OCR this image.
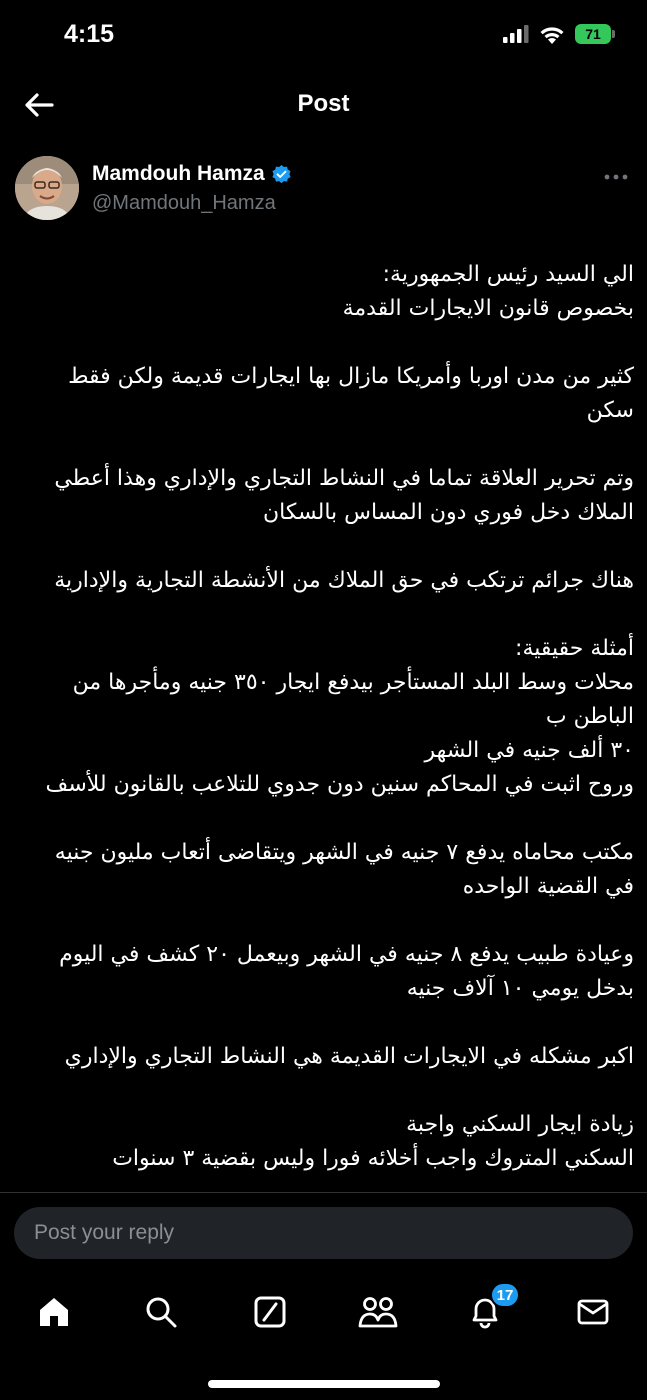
4:15	71
Post
Mamdouh Hamza
@Mamdouh_Hamza
الي السيد رئيس الجمهورية:
بخصوص قانون الايجارات القدمة
كثير من مدن اوربا وأمريكا مازال بها ايجارات قديمة ولكن فقط
سكن
وتم تحرير العلاقة تماما في النشاط التجاري والإداري وهذا أعطي
الملاك دخل فوري دون المساس بالسكان
هناك جرائم ترتكب في حق الملاك من الأنشطة التجارية والإدارية
أمثلة حقيقية:
محلات وسط البلد المستأجر بيدفع ايجار ٣٥٠ جنيه ومأجرها من
الباطن ب
٣٠ ألف جنيه في الشهر
وروح اثبت في المحاكم سنين دون جدوي للتلاعب بالقانون للأسف
مكتب محاماه يدفع ٧ جنيه في الشهر ويتقاضى أتعاب مليون جنيه
في القضية الواحده
وعيادة طبيب يدفع ٨ جنيه في الشهر وبيعمل ٢٠ كشف في اليوم
بدخل يومي ١٠ آلاف جنيه
اكبر مشكله في الايجارات القديمة هي النشاط التجاري والإداري
زيادة ايجار السكني واجبة
السكني المتروك واجب أخلائه فورا وليس بقضية ٣ سنوات
Post your reply
17
